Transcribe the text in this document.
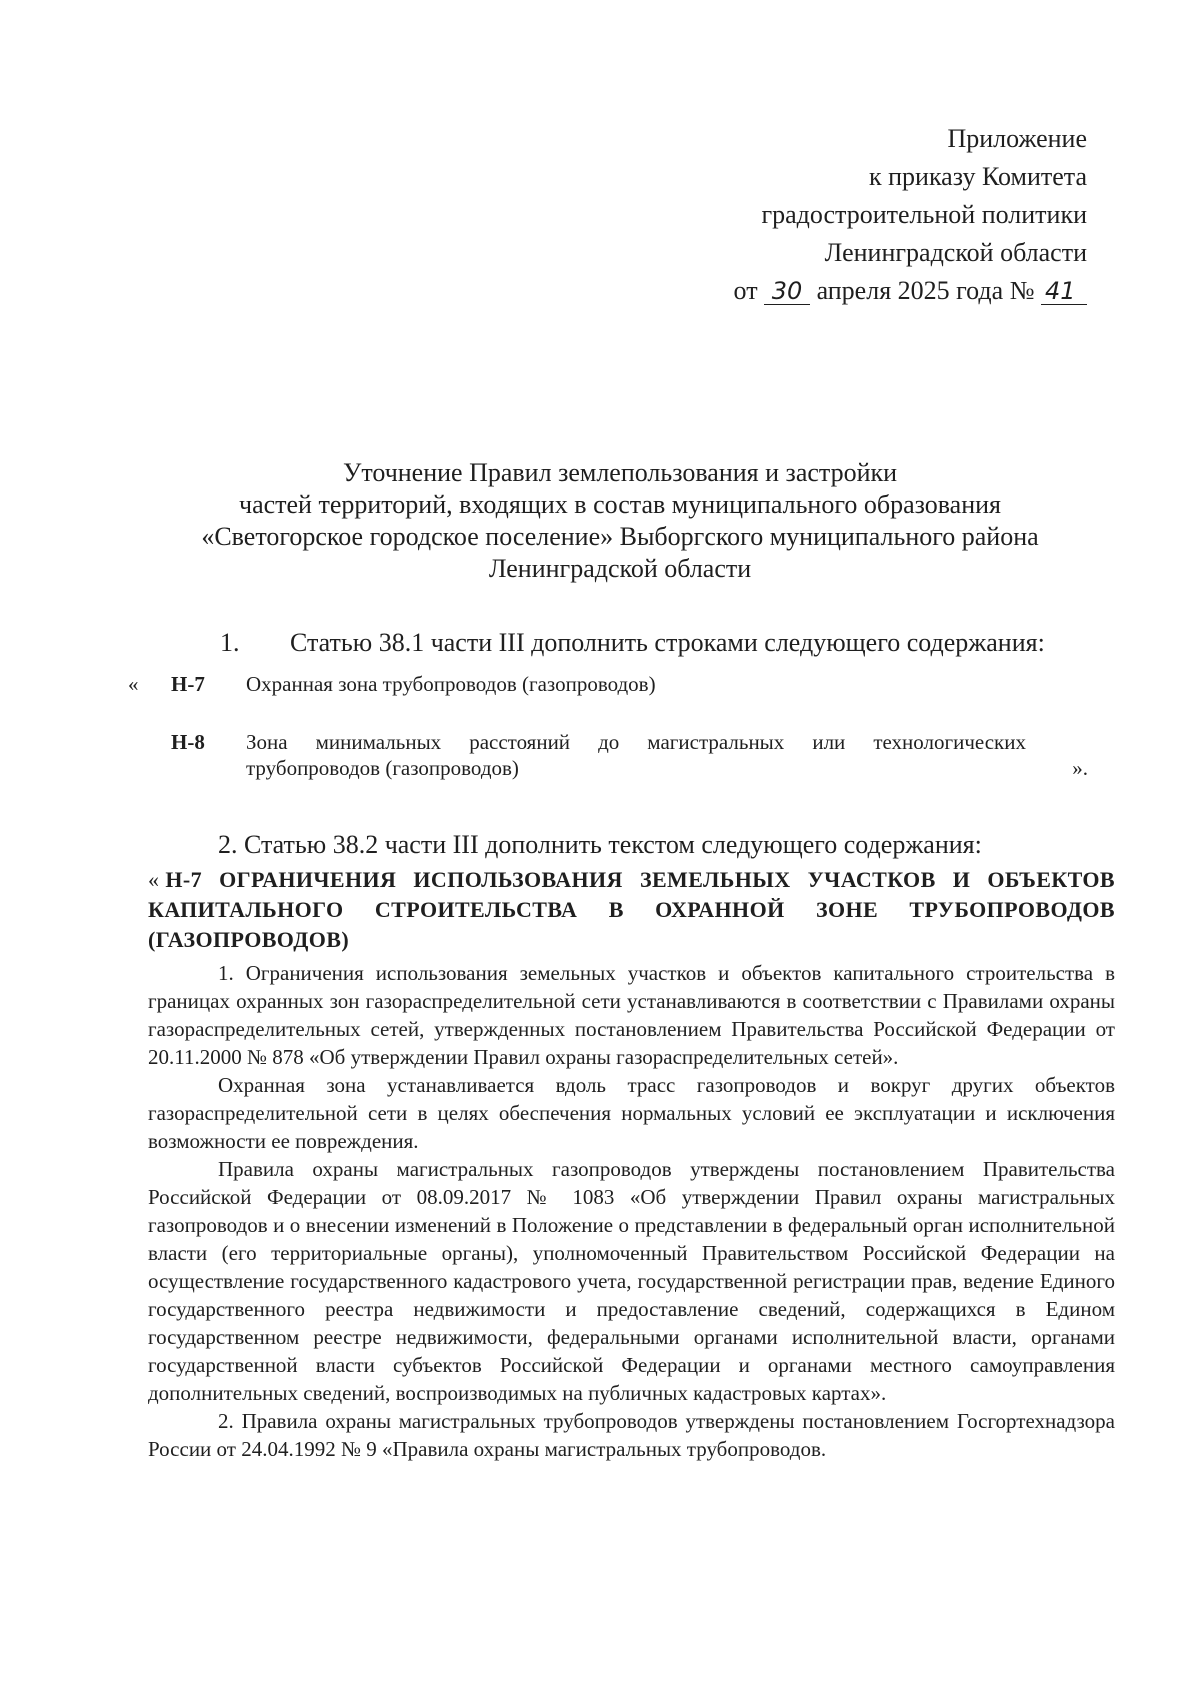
Приложение
к приказу Комитета
градостроительной политики
Ленинградской области
от 30 апреля 2025 года № 41
Уточнение Правил землепользования и застройки
частей территорий, входящих в состав муниципального образования
«Светогорское городское поселение» Выборгского муниципального района
Ленинградской области
1. Статью 38.1 части III дополнить строками следующего содержания:
« Н-7 Охранная зона трубопроводов (газопроводов)
Н-8 Зона минимальных расстояний до магистральных или технологических трубопроводов (газопроводов)	».
2. Статью 38.2 части III дополнить текстом следующего содержания:

« Н-7 ОГРАНИЧЕНИЯ ИСПОЛЬЗОВАНИЯ ЗЕМЕЛЬНЫХ УЧАСТКОВ И ОБЪЕКТОВ КАПИТАЛЬНОГО СТРОИТЕЛЬСТВА В ОХРАННОЙ ЗОНЕ ТРУБОПРОВОДОВ (ГАЗОПРОВОДОВ)

1. Ограничения использования земельных участков и объектов капитального строительства в границах охранных зон газораспределительной сети устанавливаются в соответствии с Правилами охраны газораспределительных сетей, утвержденных постановлением Правительства Российской Федерации от 20.11.2000 № 878 «Об утверждении Правил охраны газораспределительных сетей».

Охранная зона устанавливается вдоль трасс газопроводов и вокруг других объектов газораспределительной сети в целях обеспечения нормальных условий ее эксплуатации и исключения возможности ее повреждения.

Правила охраны магистральных газопроводов утверждены постановлением Правительства Российской Федерации от 08.09.2017 № 1083 «Об утверждении Правил охраны магистральных газопроводов и о внесении изменений в Положение о представлении в федеральный орган исполнительной власти (его территориальные органы), уполномоченный Правительством Российской Федерации на осуществление государственного кадастрового учета, государственной регистрации прав, ведение Единого государственного реестра недвижимости и предоставление сведений, содержащихся в Едином государственном реестре недвижимости, федеральными органами исполнительной власти, органами государственной власти субъектов Российской Федерации и органами местного самоуправления дополнительных сведений, воспроизводимых на публичных кадастровых картах».

2. Правила охраны магистральных трубопроводов утверждены постановлением Госгортехнадзора России от 24.04.1992 № 9 «Правила охраны магистральных трубопроводов.
